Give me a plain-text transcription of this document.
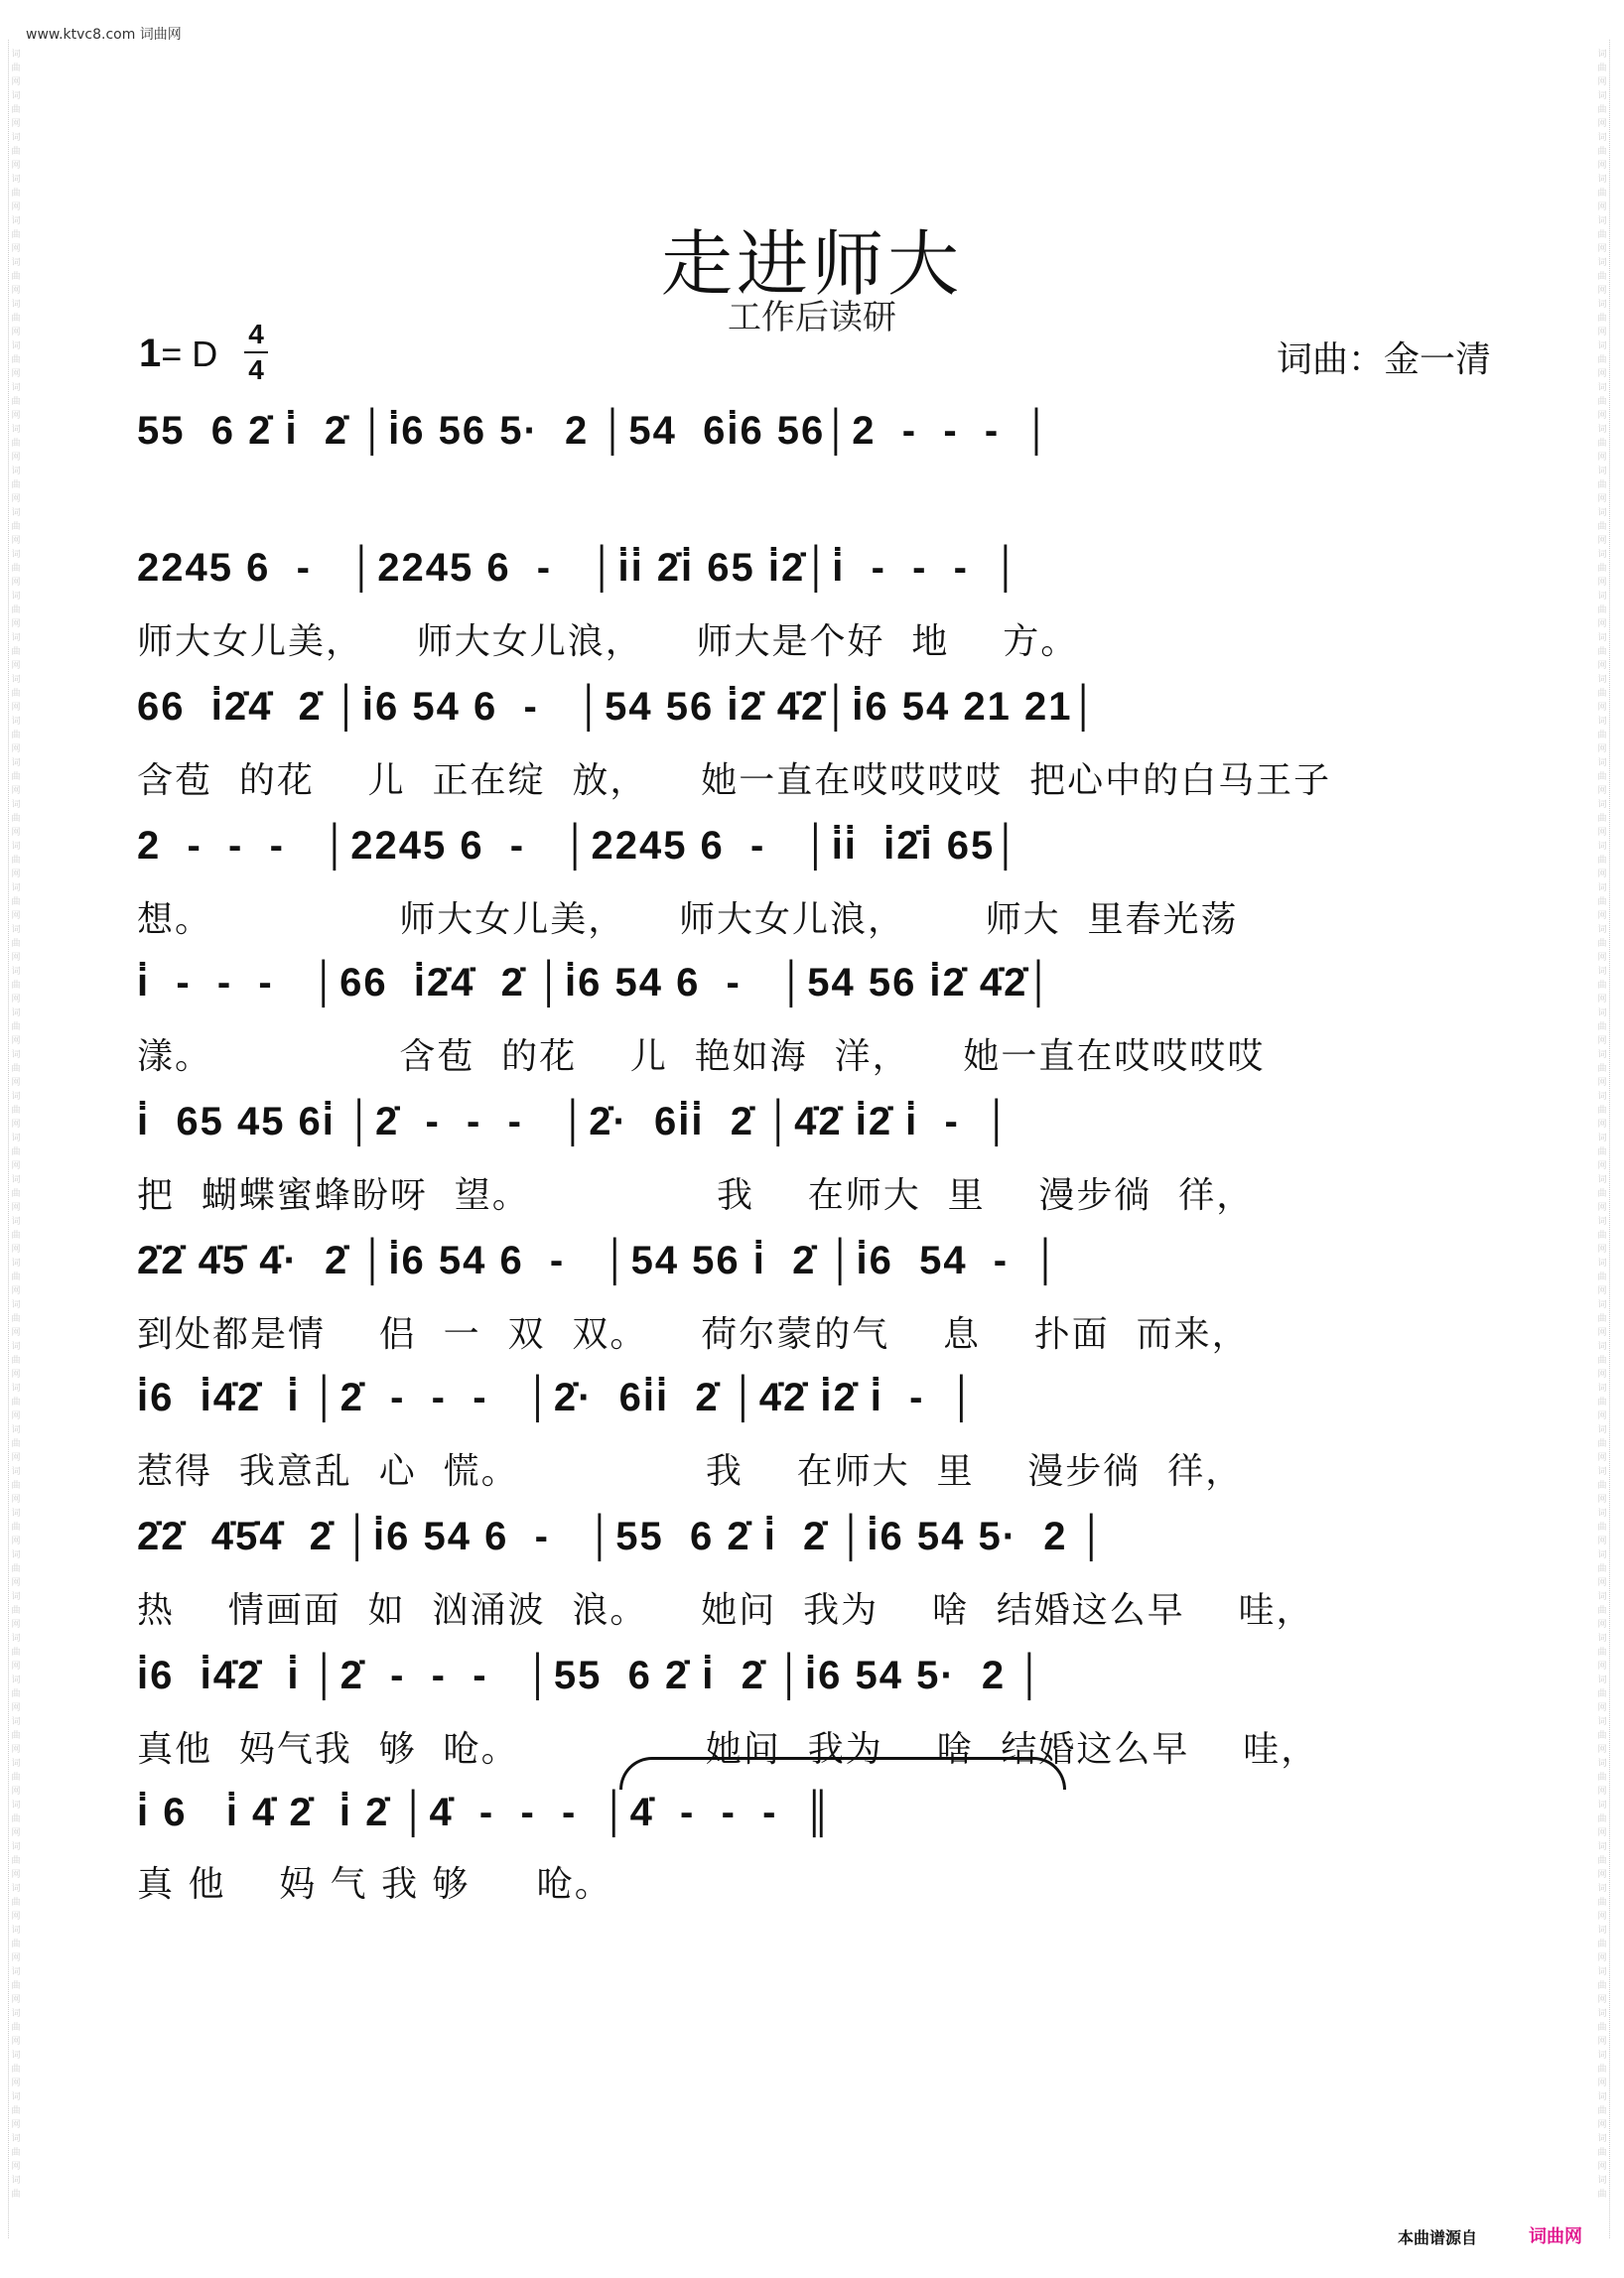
词
曲
网
词
曲
网
词
曲
网
词
曲
网
词
曲
网
词
曲
网
词
曲
网
词
曲
网
词
曲
网
词
曲
网
词
曲
网
词
曲
网
词
曲
网
词
曲
网
词
曲
网
词
曲
网
词
曲
网
词
曲
网
词
曲
网
词
曲
网
词
曲
网
词
曲
网
词
曲
网
词
曲
网
词
曲
网
词
曲
网
词
曲
网
词
曲
网
词
曲
网
词
曲
网
词
曲
网
词
曲
网
词
曲
网
词
曲
网
词
曲
网
词
曲
网
词
曲
网
词
曲
网
词
曲
网
词
曲
网
词
曲
网
词
曲
网
词
曲
网
词
曲
网
词
曲
网
词
曲
网
词
曲
网
词
曲
网
词
曲
网
词
曲
网
词
曲
网
词
曲
词
曲
网
词
曲
网
词
曲
网
词
曲
网
词
曲
网
词
曲
网
词
曲
网
词
曲
网
词
曲
网
词
曲
网
词
曲
网
词
曲
网
词
曲
网
词
曲
网
词
曲
网
词
曲
网
词
曲
网
词
曲
网
词
曲
网
词
曲
网
词
曲
网
词
曲
网
词
曲
网
词
曲
网
词
曲
网
词
曲
网
词
曲
网
词
曲
网
词
曲
网
词
曲
网
词
曲
网
词
曲
网
词
曲
网
词
曲
网
词
曲
网
词
曲
网
词
曲
网
词
曲
网
词
曲
网
词
曲
网
词
曲
网
词
曲
网
词
曲
网
词
曲
网
词
曲
网
词
曲
网
词
曲
网
词
曲
网
词
曲
网
词
曲
网
词
曲
网
词
曲
www.ktvc8.com 词曲网
走进师大
工作后读研
1= D 4
4	词曲：金一清
55  6 2̇ i̇  2̇ │i̇6 56 5·  2 │54  6i̇6 56│2  -  -  -  │
2245 6  -   │2245 6  -   │i̇i̇ 2̇i̇ 65 i̇2̇│i̇  -  -  -  │
师大女儿美，    师大女儿浪，    师大是个好  地    方。
66  i̇2̇4̇  2̇ │i̇6 54 6  -   │54 56 i̇2̇ 4̇2̇│i̇6 54 21 21│
含苞  的花    儿  正在绽  放，    她一直在哎哎哎哎  把心中的白马王子
2  -  -  -   │2245 6  -   │2245 6  -   │i̇i̇  i̇2̇i̇ 65│
想。              师大女儿美，    师大女儿浪，      师大  里春光荡
i̇  -  -  -   │66  i̇2̇4̇  2̇ │i̇6 54 6  -   │54 56 i̇2̇ 4̇2̇│
漾。              含苞  的花    儿  艳如海  洋，    她一直在哎哎哎哎
i̇  65 45 6i̇ │2̇  -  -  -   │2̇·  6i̇i̇  2̇ │4̇2̇ i̇2̇ i̇  -  │
把  蝴蝶蜜蜂盼呀  望。              我    在师大  里    漫步徜  徉，
2̇2̇ 4̇5̇ 4̇·  2̇ │i̇6 54 6  -   │54 56 i̇  2̇ │i̇6  54  -  │
到处都是情    侣  一  双  双。    荷尔蒙的气    息    扑面  而来，
i̇6  i̇4̇2̇  i̇ │2̇  -  -  -   │2̇·  6i̇i̇  2̇ │4̇2̇ i̇2̇ i̇  -  │
惹得  我意乱  心  慌。              我    在师大  里    漫步徜  徉，
2̇2̇  4̇5̇4̇  2̇ │i̇6 54 6  -   │55  6 2̇ i̇  2̇ │i̇6 54 5·  2 │
热    情画面  如  汹涌波  浪。    她问  我为    啥  结婚这么早    哇，
i̇6  i̇4̇2̇  i̇ │2̇  -  -  -   │55  6 2̇ i̇  2̇ │i̇6 54 5·  2 │
真他  妈气我  够  呛。              她问  我为    啥  结婚这么早    哇，
i̇ 6   i̇ 4̇ 2̇  i̇ 2̇ │4̇  -  -  -  │4̇  -  -  -  ║
真 他    妈 气 我 够     呛。
本曲谱源自	词曲网
